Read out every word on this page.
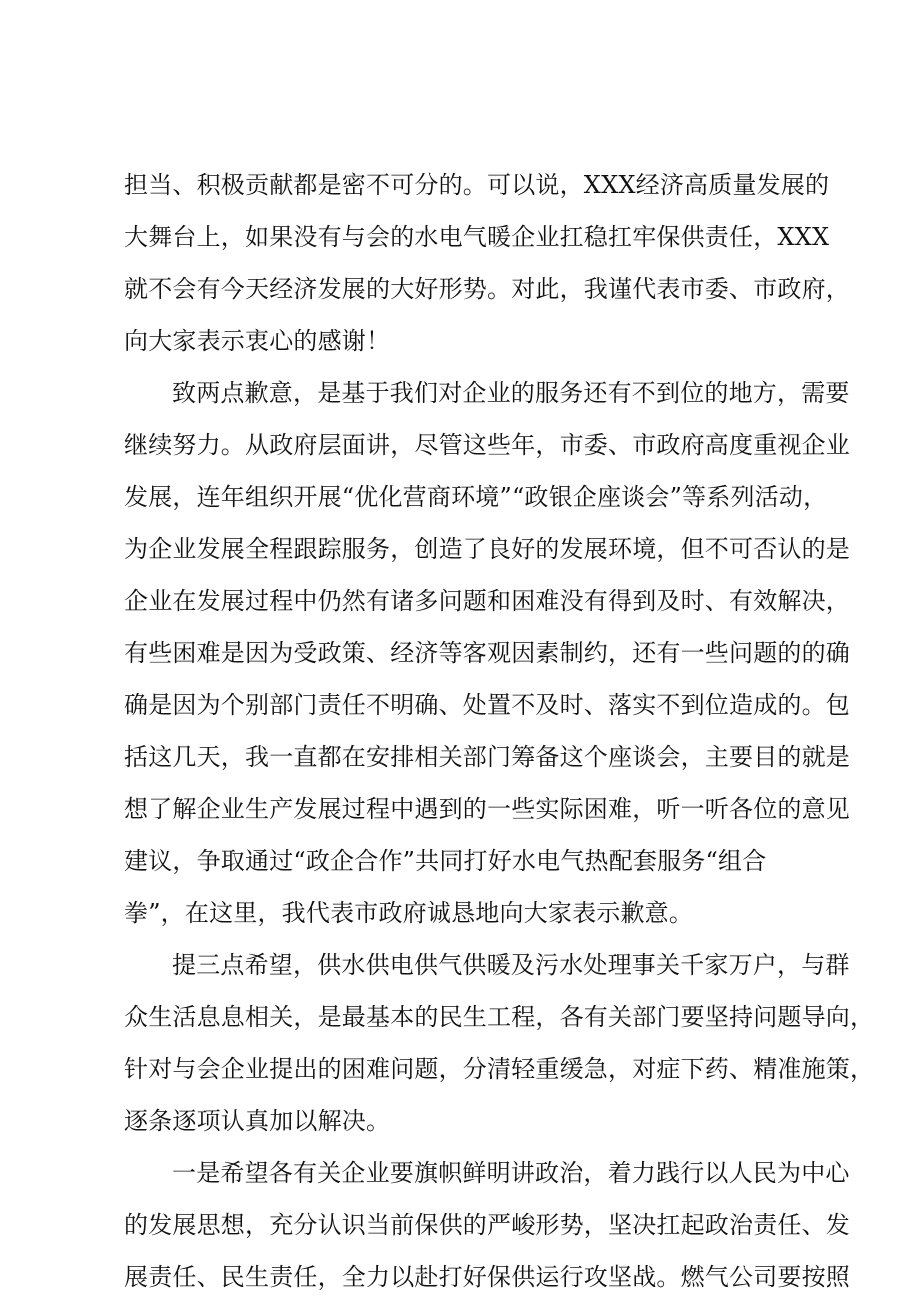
担当、积极贡献都是密不可分的。可以说，XXX经济高质量发展的
大舞台上，如果没有与会的水电气暖企业扛稳扛牢保供责任，XXX
就不会有今天经济发展的大好形势。对此，我谨代表市委、市政府，
向大家表示衷心的感谢！
致两点歉意，是基于我们对企业的服务还有不到位的地方，需要
继续努力。从政府层面讲，尽管这些年，市委、市政府高度重视企业
发展，连年组织开展“优化营商环境”“政银企座谈会”等系列活动，
为企业发展全程跟踪服务，创造了良好的发展环境，但不可否认的是
企业在发展过程中仍然有诸多问题和困难没有得到及时、有效解决，
有些困难是因为受政策、经济等客观因素制约，还有一些问题的的确
确是因为个别部门责任不明确、处置不及时、落实不到位造成的。包
括这几天，我一直都在安排相关部门筹备这个座谈会，主要目的就是
想了解企业生产发展过程中遇到的一些实际困难，听一听各位的意见
建议，争取通过“政企合作”共同打好水电气热配套服务“组合
拳”，在这里，我代表市政府诚恳地向大家表示歉意。
提三点希望，供水供电供气供暖及污水处理事关千家万户，与群
众生活息息相关，是最基本的民生工程，各有关部门要坚持问题导向，
针对与会企业提出的困难问题，分清轻重缓急，对症下药、精准施策，
逐条逐项认真加以解决。
一是希望各有关企业要旗帜鲜明讲政治，着力践行以人民为中心
的发展思想，充分认识当前保供的严峻形势，坚决扛起政治责任、发
展责任、民生责任，全力以赴打好保供运行攻坚战。燃气公司要按照
